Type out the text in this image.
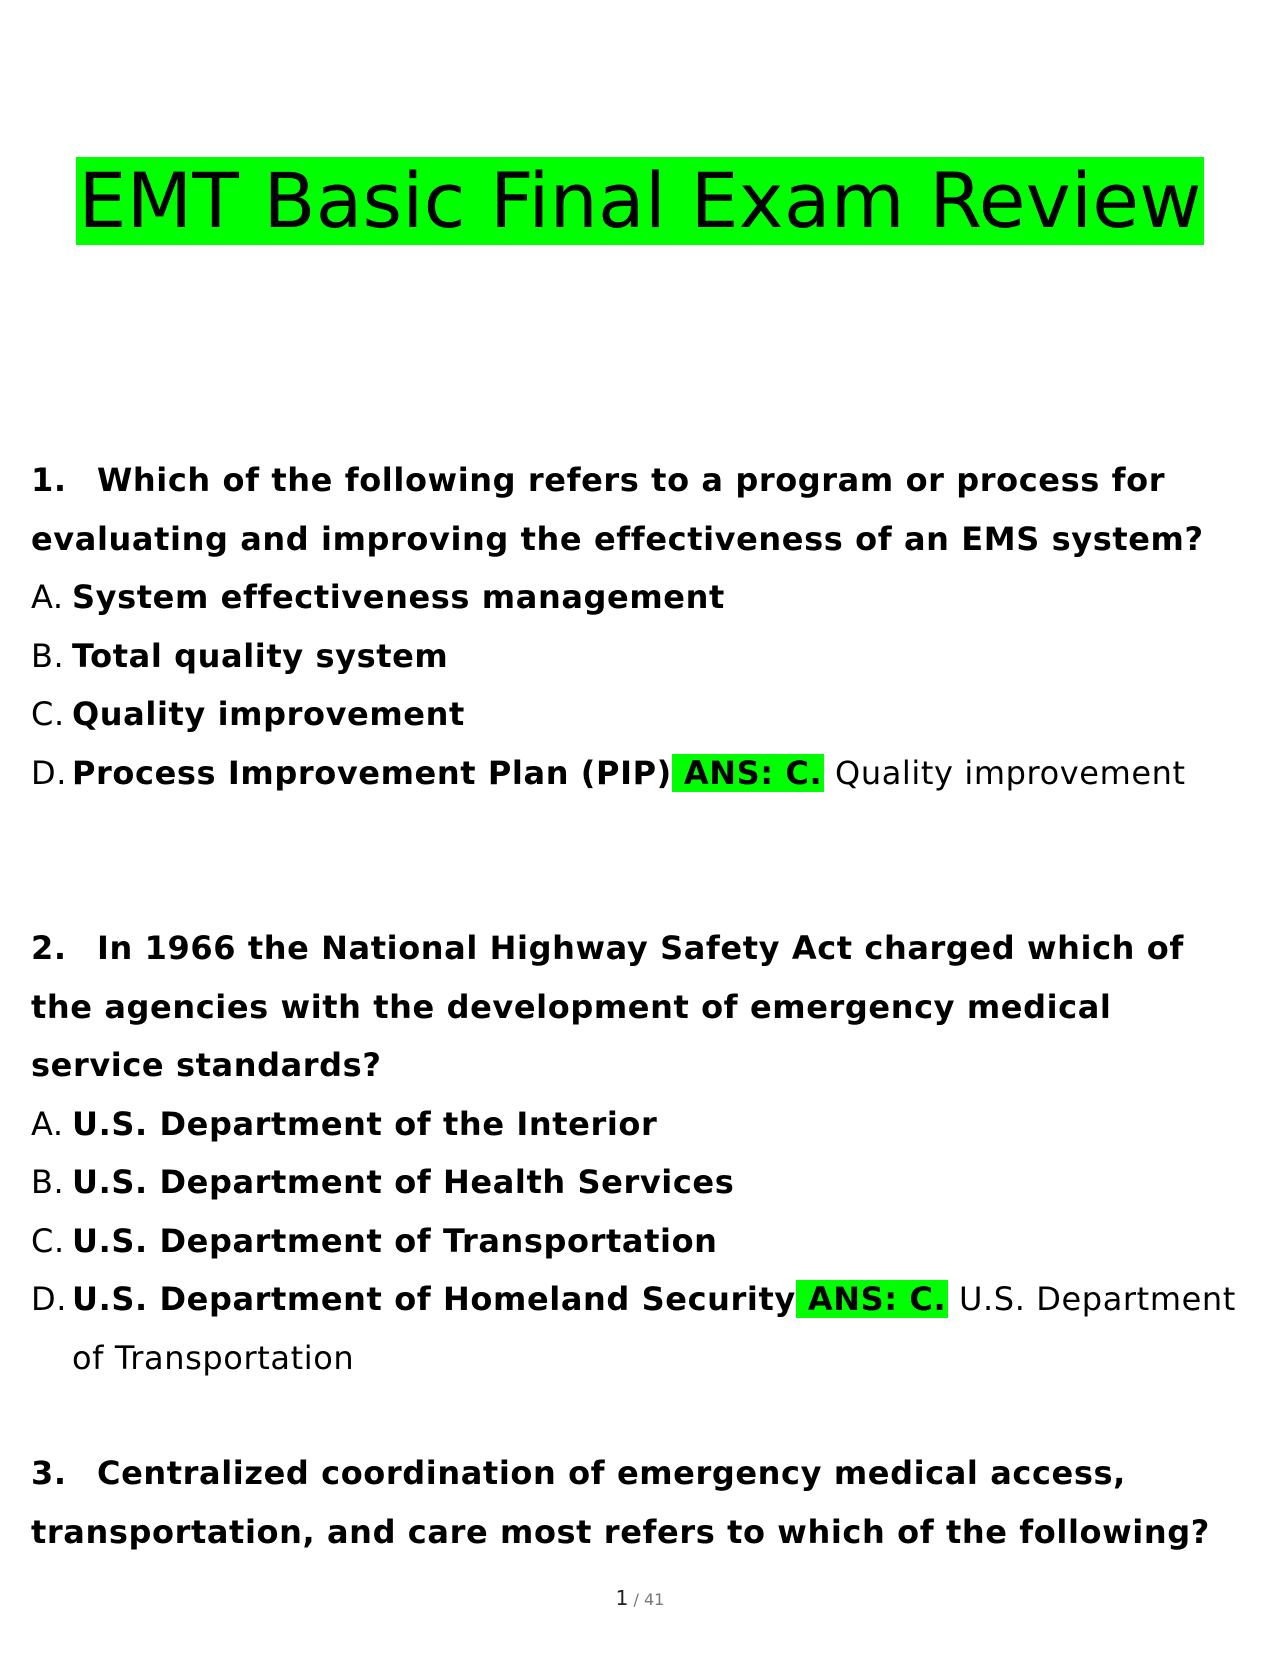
EMT Basic Final Exam Review

1. Which of the following refers to a program or process for evaluating and improving the effectiveness of an EMS system?

A. System effectiveness management
B. Total quality system
C. Quality improvement
D. Process Improvement Plan (PIP) ANS: C. Quality improvement

2. In 1966 the National Highway Safety Act charged which of the agencies with the development of emergency medical service standards?

A. U.S. Department of the Interior
B. U.S. Department of Health Services
C. U.S. Department of Transportation
D. U.S. Department of Homeland Security ANS: C. U.S. Department of Transportation

3. Centralized coordination of emergency medical access, transportation, and care most refers to which of the following?

1 / 41
